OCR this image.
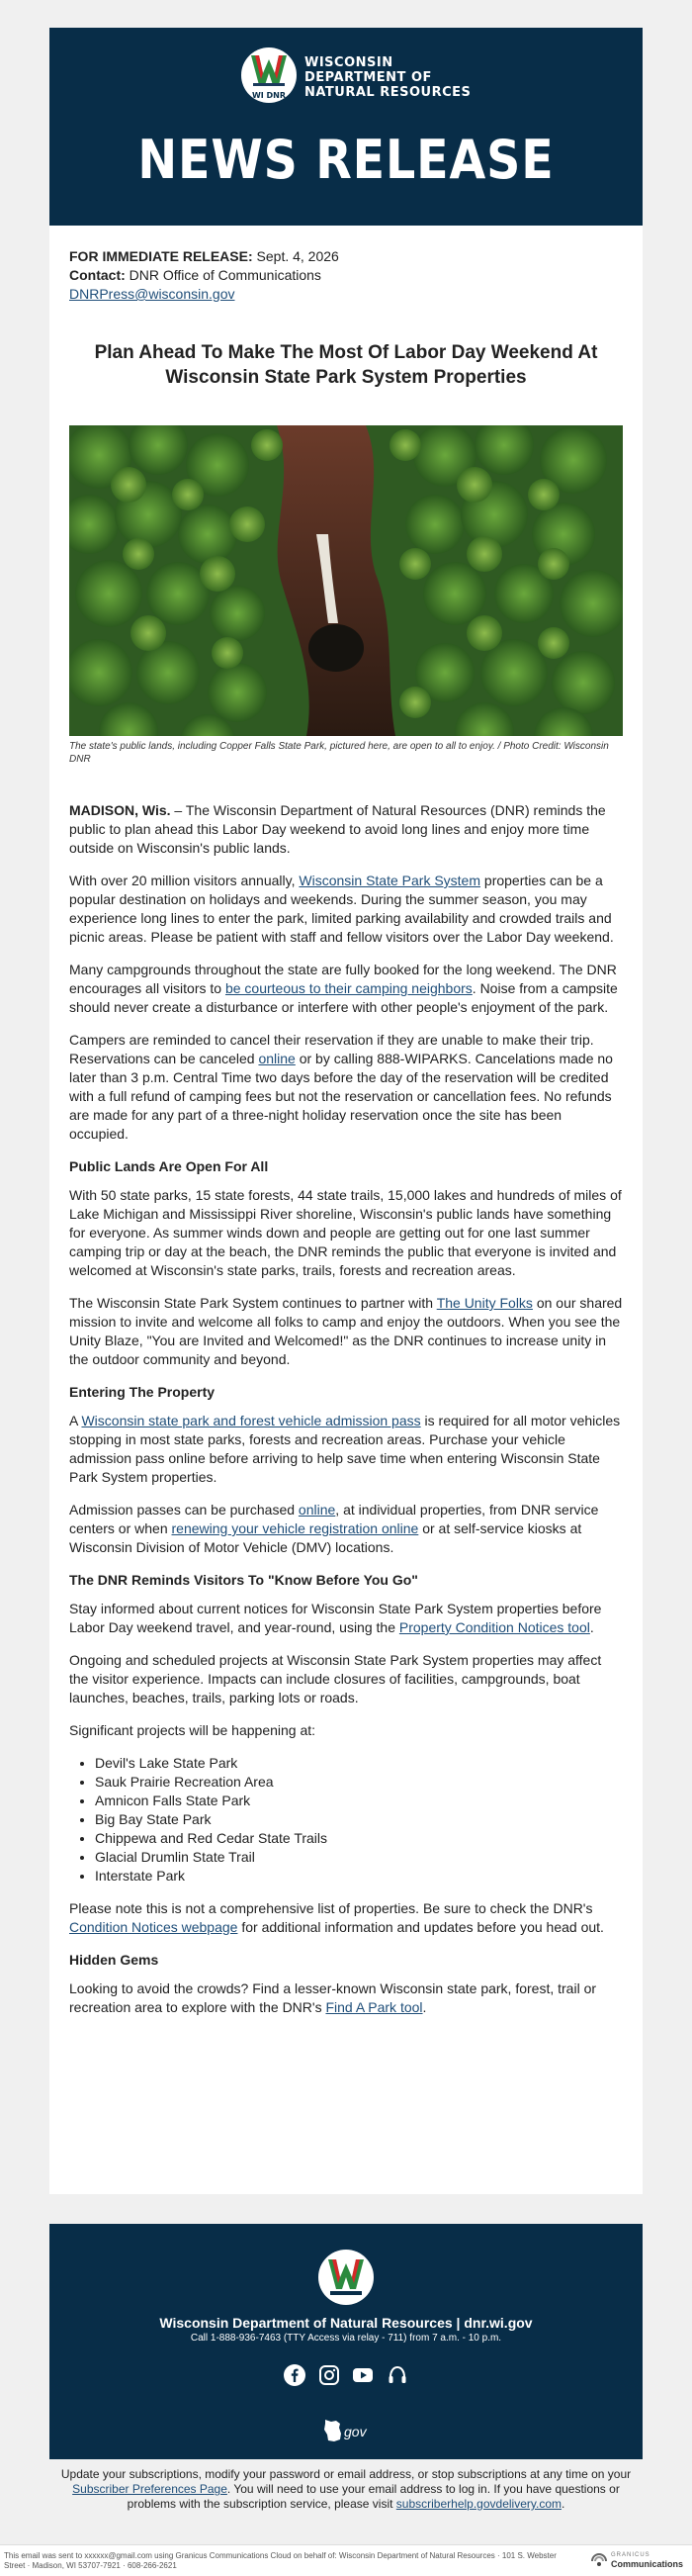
WI DNR
WISCONSIN
DEPARTMENT OF
NATURAL RESOURCES
NEWS RELEASE
FOR IMMEDIATE RELEASE: Sept. 4, 2026
Contact: DNR Office of Communications
DNRPress@wisconsin.gov
Plan Ahead To Make The Most Of Labor Day Weekend At Wisconsin State Park System Properties
The state's public lands, including Copper Falls State Park, pictured here, are open to all to enjoy. / Photo Credit: Wisconsin DNR

MADISON, Wis. – The Wisconsin Department of Natural Resources (DNR) reminds the public to plan ahead this Labor Day weekend to avoid long lines and enjoy more time outside on Wisconsin's public lands.

With over 20 million visitors annually, Wisconsin State Park System properties can be a popular destination on holidays and weekends. During the summer season, you may experience long lines to enter the park, limited parking availability and crowded trails and picnic areas. Please be patient with staff and fellow visitors over the Labor Day weekend.

Many campgrounds throughout the state are fully booked for the long weekend. The DNR encourages all visitors to be courteous to their camping neighbors. Noise from a campsite should never create a disturbance or interfere with other people's enjoyment of the park.

Campers are reminded to cancel their reservation if they are unable to make their trip. Reservations can be canceled online or by calling 888-WIPARKS. Cancelations made no later than 3 p.m. Central Time two days before the day of the reservation will be credited with a full refund of camping fees but not the reservation or cancellation fees. No refunds are made for any part of a three-night holiday reservation once the site has been occupied.

Public Lands Are Open For All

With 50 state parks, 15 state forests, 44 state trails, 15,000 lakes and hundreds of miles of Lake Michigan and Mississippi River shoreline, Wisconsin's public lands have something for everyone. As summer winds down and people are getting out for one last summer camping trip or day at the beach, the DNR reminds the public that everyone is invited and welcomed at Wisconsin's state parks, trails, forests and recreation areas.

The Wisconsin State Park System continues to partner with The Unity Folks on our shared mission to invite and welcome all folks to camp and enjoy the outdoors. When you see the Unity Blaze, "You are Invited and Welcomed!" as the DNR continues to increase unity in the outdoor community and beyond.

Entering The Property

A Wisconsin state park and forest vehicle admission pass is required for all motor vehicles stopping in most state parks, forests and recreation areas. Purchase your vehicle admission pass online before arriving to help save time when entering Wisconsin State Park System properties.

Admission passes can be purchased online, at individual properties, from DNR service centers or when renewing your vehicle registration online or at self-service kiosks at Wisconsin Division of Motor Vehicle (DMV) locations.

The DNR Reminds Visitors To "Know Before You Go"

Stay informed about current notices for Wisconsin State Park System properties before Labor Day weekend travel, and year-round, using the Property Condition Notices tool.

Ongoing and scheduled projects at Wisconsin State Park System properties may affect the visitor experience. Impacts can include closures of facilities, campgrounds, boat launches, beaches, trails, parking lots or roads.

Significant projects will be happening at:

• Devil's Lake State Park
• Sauk Prairie Recreation Area
• Amnicon Falls State Park
• Big Bay State Park
• Chippewa and Red Cedar State Trails
• Glacial Drumlin State Trail
• Interstate Park

Please note this is not a comprehensive list of properties. Be sure to check the DNR's Condition Notices webpage for additional information and updates before you head out.

Hidden Gems

Looking to avoid the crowds? Find a lesser-known Wisconsin state park, forest, trail or recreation area to explore with the DNR's Find A Park tool.

Wisconsin Department of Natural Resources | dnr.wi.gov
Call 1-888-936-7463 (TTY Access via relay - 711) from 7 a.m. - 10 p.m.

gov
Update your subscriptions, modify your password or email address, or stop subscriptions at any time on your Subscriber Preferences Page. You will need to use your email address to log in. If you have questions or problems with the subscription service, please visit subscriberhelp.govdelivery.com.
This email was sent to xxxxxx@gmail.com using Granicus Communications Cloud on behalf of: Wisconsin Department of Natural Resources · 101 S. Webster Street · Madison, WI 53707-7921 · 608-266-2621
GRANICUS
Communications
